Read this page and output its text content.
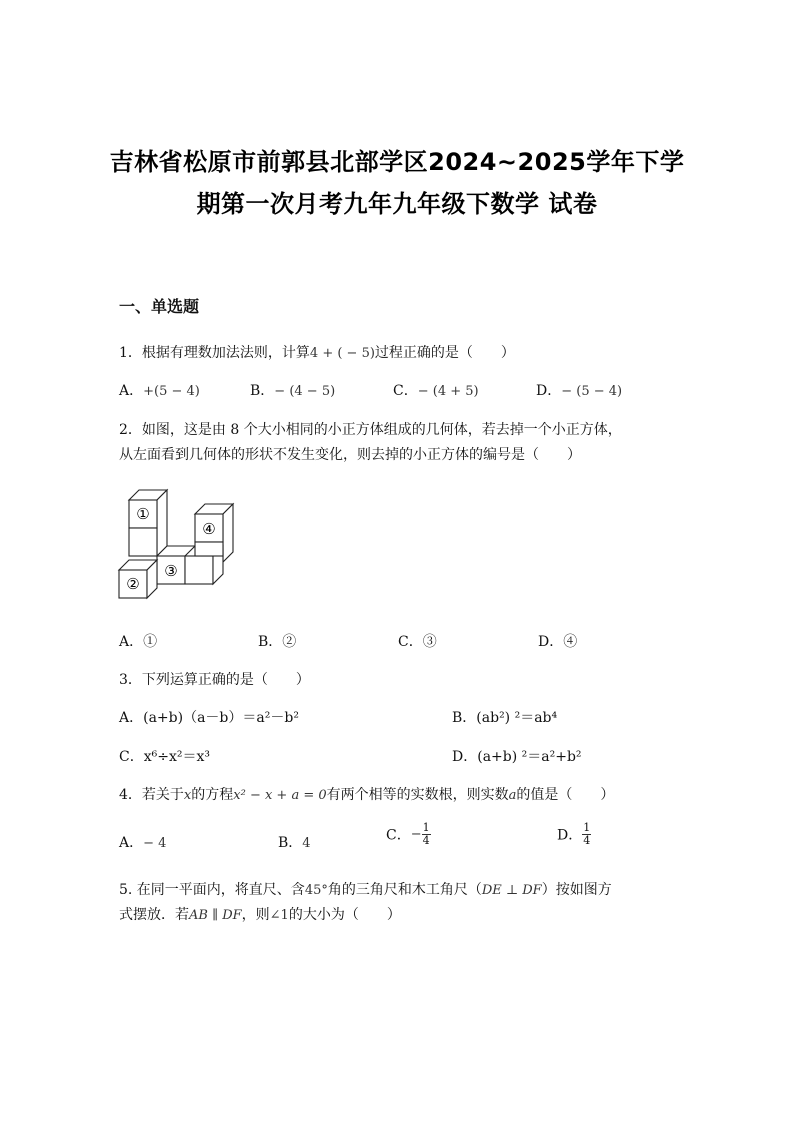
吉林省松原市前郭县北部学区2024~2025学年下学
期第一次月考九年九年级下数学 试卷
一、单选题
1．根据有理数加法法则，计算4 + ( − 5)过程正确的是（　　）
A．+(5 − 4)	B．− (4 − 5)	C．− (4 + 5)	D．− (5 − 4)
2．如图，这是由 8 个大小相同的小正方体组成的几何体，若去掉一个小正方体，
从左面看到几何体的形状不发生变化，则去掉的小正方体的编号是（　　）
①
②
③
④
A．①	B．②	C．③	D．④
3．下列运算正确的是（　　）
A．(a+b)（a－b）＝a²－b²	B．(ab²) ²＝ab⁴
C．x⁶÷x²＝x³	D．(a+b) ²＝a²+b²
4．若关于x的方程x² − x + a = 0有两个相等的实数根，则实数a的值是（　　）
A．− 4	B．4	C．− $\frac{1}{4}$	D． $\frac{1}{4}$
5. 在同一平面内，将直尺、含45°角的三角尺和木工角尺（DE ⊥ DF）按如图方
式摆放．若AB ∥ DF，则∠1的大小为（　　）
